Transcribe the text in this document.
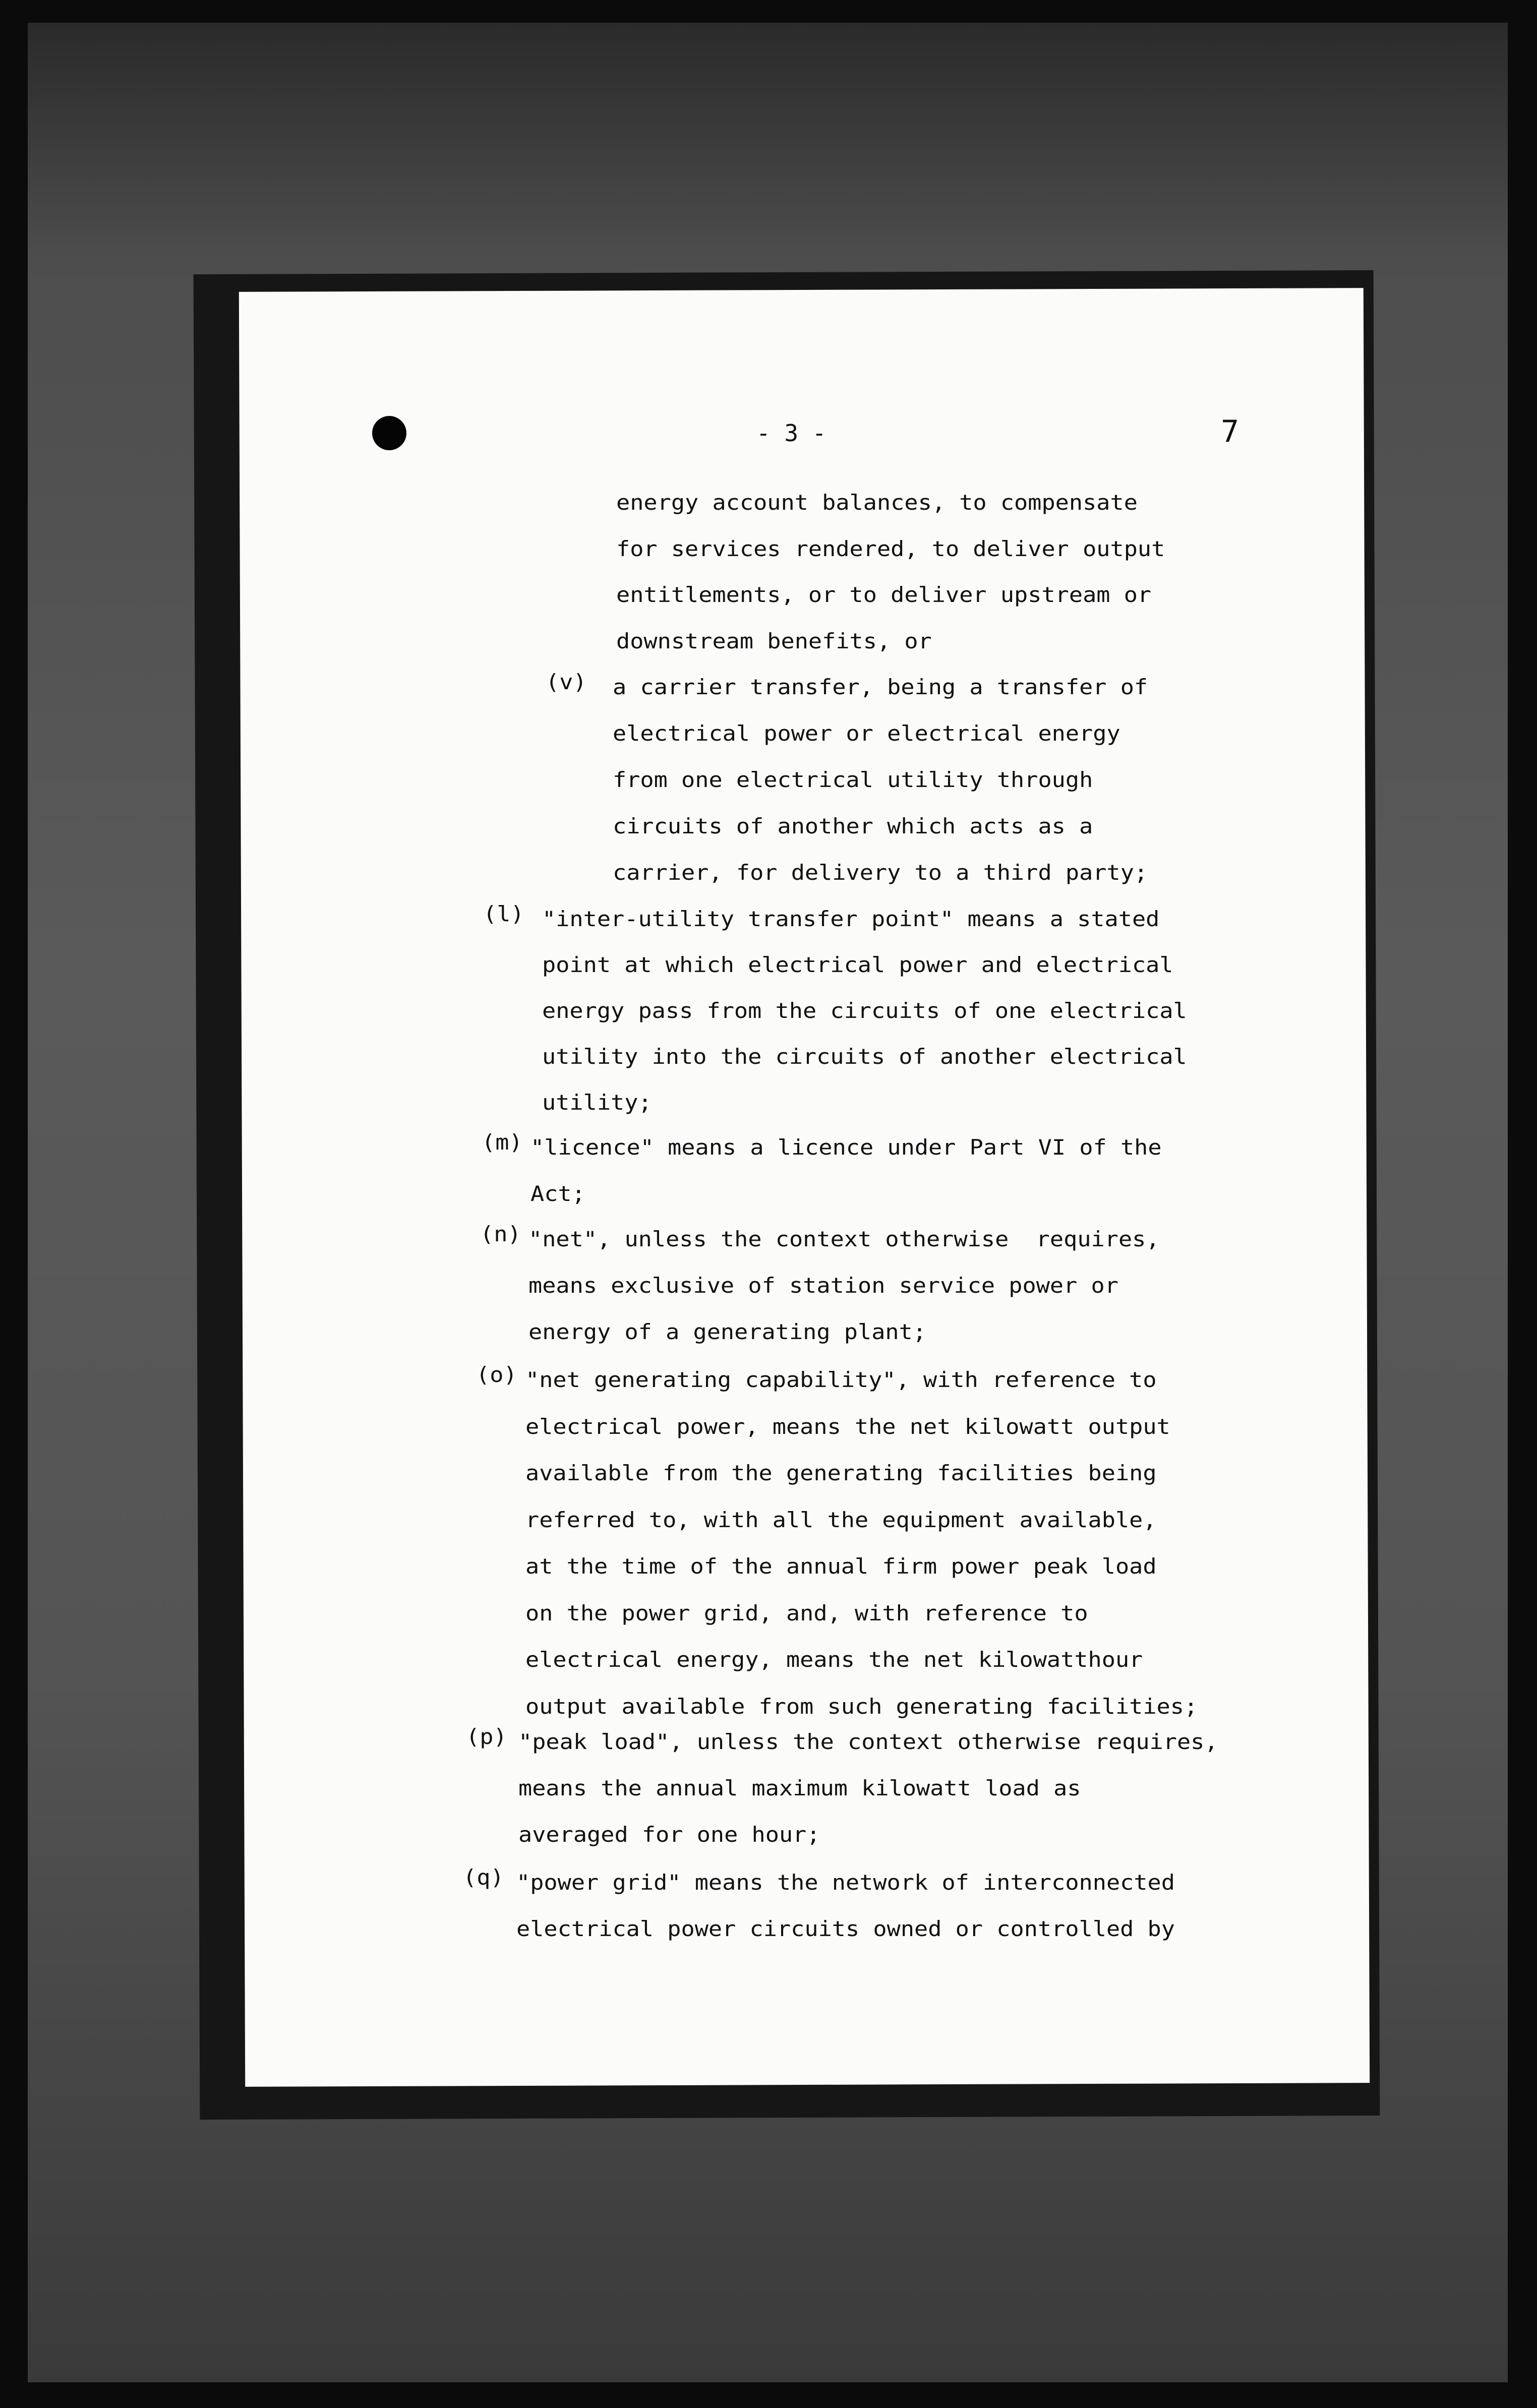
- 3 -	7
energy account balances, to compensate
for services rendered, to deliver output
entitlements, or to deliver upstream or
downstream benefits, or
(v) a carrier transfer, being a transfer of
electrical power or electrical energy
from one electrical utility through
circuits of another which acts as a
carrier, for delivery to a third party;
(l) "inter-utility transfer point" means a stated
point at which electrical power and electrical
energy pass from the circuits of one electrical
utility into the circuits of another electrical
utility;
(m) "licence" means a licence under Part VI of the
Act;
(n) "net", unless the context otherwise  requires,
means exclusive of station service power or
energy of a generating plant;
(o) "net generating capability", with reference to
electrical power, means the net kilowatt output
available from the generating facilities being
referred to, with all the equipment available,
at the time of the annual firm power peak load
on the power grid, and, with reference to
electrical energy, means the net kilowatthour
output available from such generating facilities;
(p) "peak load", unless the context otherwise requires,
means the annual maximum kilowatt load as
averaged for one hour;
(q) "power grid" means the network of interconnected
electrical power circuits owned or controlled by
